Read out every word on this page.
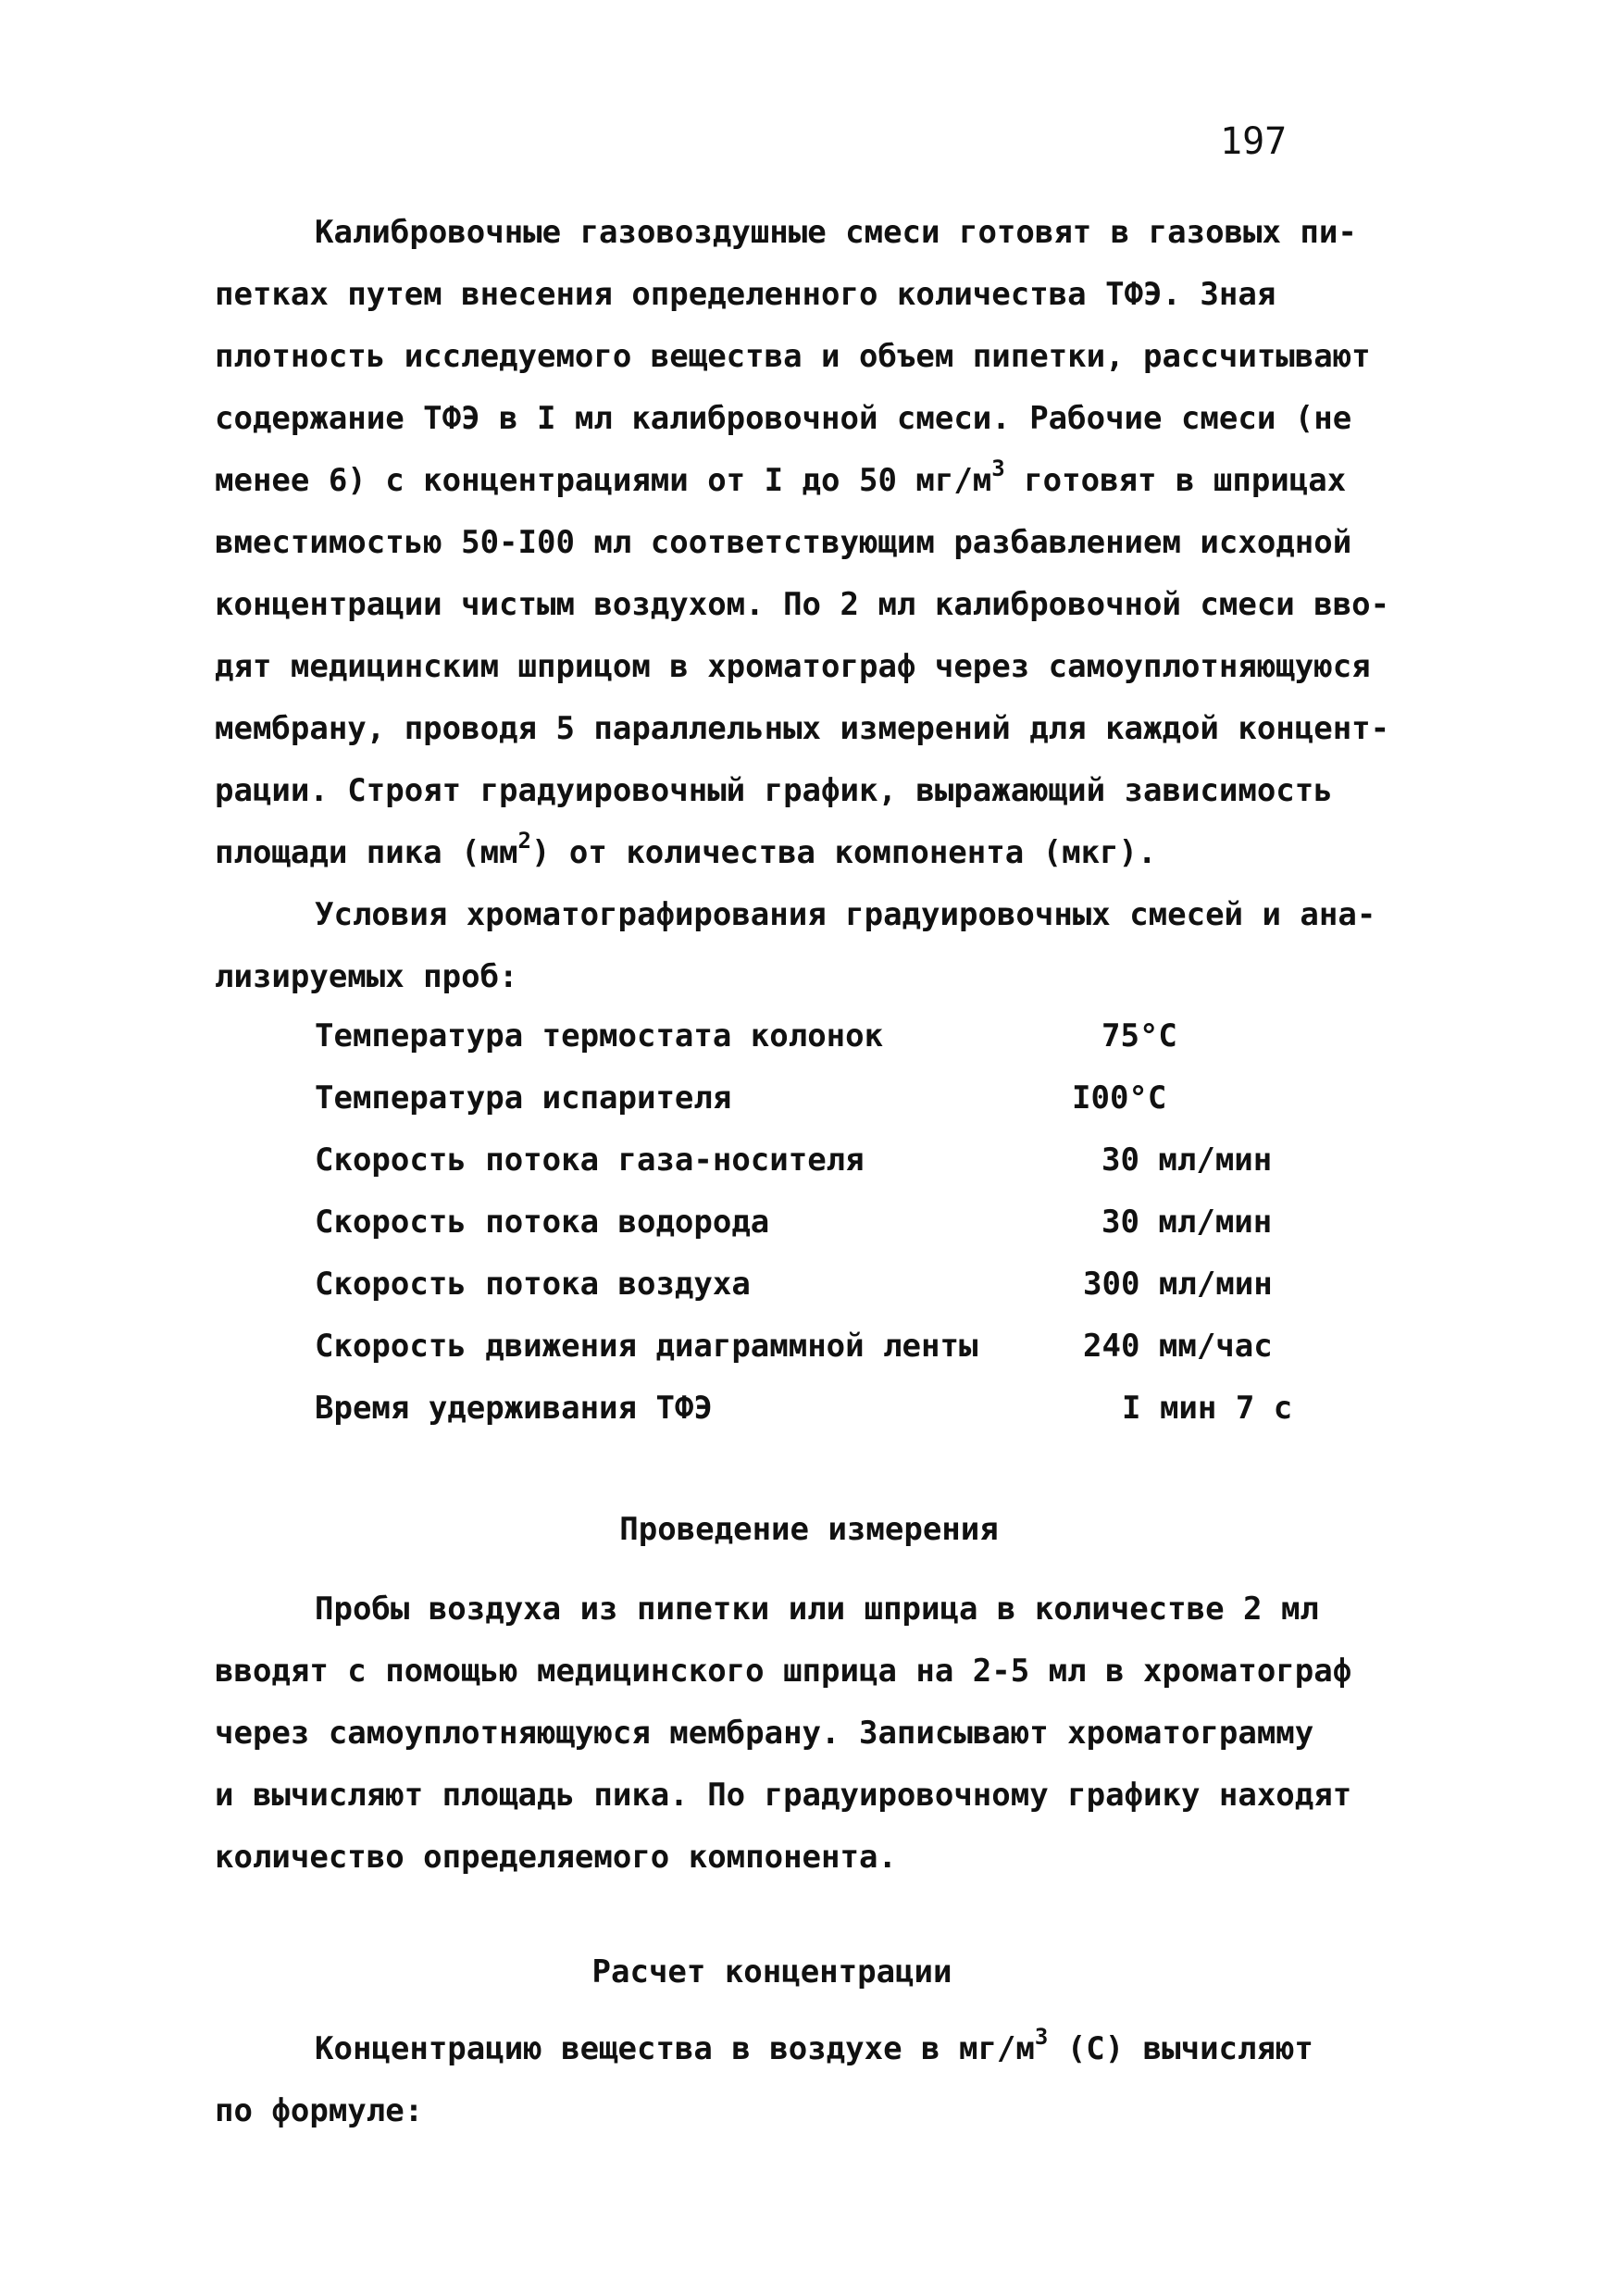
197
Калибровочные газовоздушные смеси готовят в газовых пи-
петках путем внесения определенного количества ТФЭ. Зная
плотность исследуемого вещества и объем пипетки, рассчитывают
содержание ТФЭ в I мл калибровочной смеси. Рабочие смеси (не
менее 6) с концентрациями от I до 50 $мг/м^3$ готовят в шприцах
вместимостью 50-I00 мл соответствующим разбавлением исходной
концентрации чистым воздухом. По 2 мл калибровочной смеси вво-
дят медицинским шприцом в хроматограф через самоуплотняющуюся
мембрану, проводя 5 параллельных измерений для каждой концент-
рации. Строят градуировочный график, выражающий зависимость
площади пика $(мм^2)$ от количества компонента (мкг).
Условия хроматографирования градуировочных смесей и ана-
лизируемых проб:
Температура термостата колонок	75°С
Температура испарителя	I00°С
Скорость потока газа-носителя	30 мл/мин
Скорость потока водорода	30 мл/мин
Скорость потока воздуха	300 мл/мин
Скорость движения диаграммной ленты	240 мм/час
Время удерживания ТФЭ	I мин 7 с
Проведение измерения
Пробы воздуха из пипетки или шприца в количестве 2 мл
вводят с помощью медицинского шприца на 2-5 мл в хроматограф
через самоуплотняющуюся мембрану. Записывают хроматограмму
и вычисляют площадь пика. По градуировочному графику находят
количество определяемого компонента.
Расчет концентрации
Концентрацию вещества в воздухе в $мг/м^3$ (С) вычисляют
по формуле:
